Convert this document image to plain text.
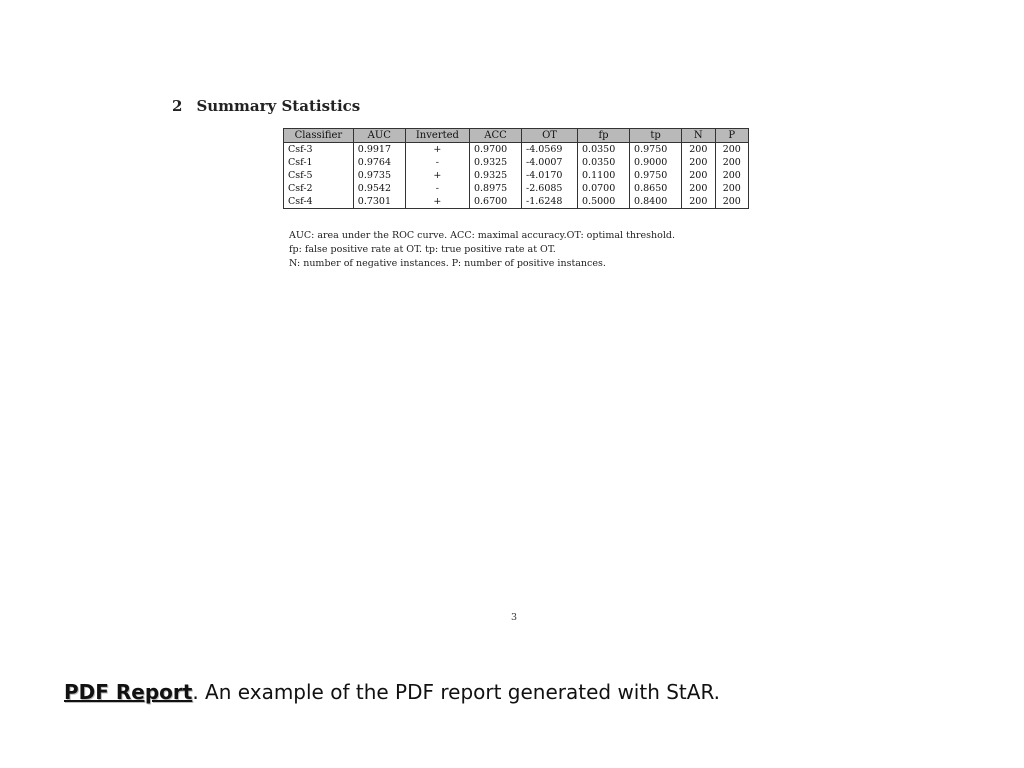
2 Summary Statistics
Classifier	AUC	Inverted	ACC	OT	fp	tp	N	P
Csf-3	0.9917	+	0.9700	-4.0569	0.0350	0.9750	200	200
Csf-1	0.9764	-	0.9325	-4.0007	0.0350	0.9000	200	200
Csf-5	0.9735	+	0.9325	-4.0170	0.1100	0.9750	200	200
Csf-2	0.9542	-	0.8975	-2.6085	0.0700	0.8650	200	200
Csf-4	0.7301	+	0.6700	-1.6248	0.5000	0.8400	200	200
AUC: area under the ROC curve. ACC: maximal accuracy.OT: optimal threshold.
fp: false positive rate at OT. tp: true positive rate at OT.
N: number of negative instances. P: number of positive instances.
3
PDF Report. An example of the PDF report generated with StAR.
